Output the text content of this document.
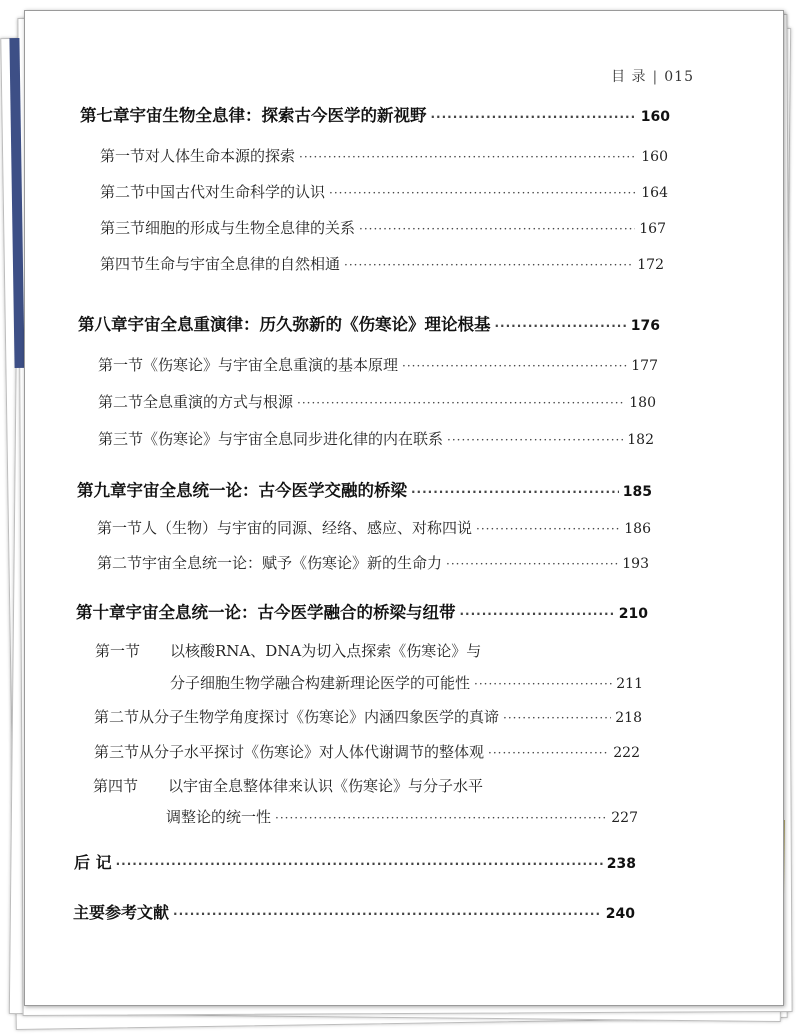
目 录 | 015
第七章 宇宙生物全息律：探索古今医学的新视野 ·····	160
第一节 对人体生命本源的探索 ·····	160
第二节 中国古代对生命科学的认识 ·····	164
第三节 细胞的形成与生物全息律的关系 ·····	167
第四节 生命与宇宙全息律的自然相通 ·····	172
第八章 宇宙全息重演律：历久弥新的《伤寒论》理论根基 ·····	176
第一节 《伤寒论》与宇宙全息重演的基本原理 ·····	177
第二节 全息重演的方式与根源 ·····	180
第三节 《伤寒论》与宇宙全息同步进化律的内在联系 ·····	182
第九章 宇宙全息统一论：古今医学交融的桥梁 ·····	185
第一节 人（生物）与宇宙的同源、经络、感应、对称四说 ·····	186
第二节 宇宙全息统一论：赋予《伤寒论》新的生命力 ·····	193
第十章 宇宙全息统一论：古今医学融合的桥梁与纽带 ·····	210
第一节	以核酸RNA、DNA为切入点探索《伤寒论》与
分子细胞生物学融合构建新理论医学的可能性 ·····	211
第二节 从分子生物学角度探讨《伤寒论》内涵四象医学的真谛 ·····	218
第三节 从分子水平探讨《伤寒论》对人体代谢调节的整体观 ·····	222
第四节	以宇宙全息整体律来认识《伤寒论》与分子水平
调整论的统一性 ·····	227
后 记 ·····	238
主要参考文献 ·····	240
